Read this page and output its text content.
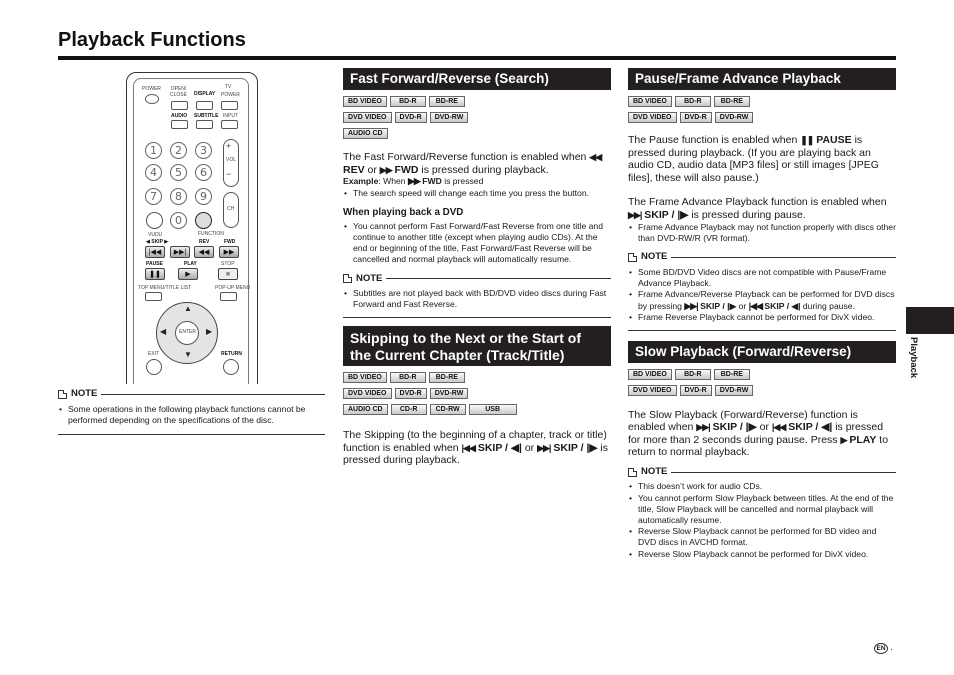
Playback Functions
POWER OPEN/
CLOSE DISPLAY
TV
POWER
AUDIO SUBTITLE INPUT
1	2	3
4	5	6
7	8	9
0
+
VOL
−
CH
VUDU	FUNCTION
◀ SKIP ▶	REV	FWD
|◀◀	▶▶|	◀◀	▶▶
PAUSE	PLAY	STOP
❚❚	▶	■
TOP MENU/TITLE LIST	POP-UP MENU
▲
▼
◀	▶
ENTER
EXIT	RETURN
NOTE
• Some operations in the following playback functions cannot be performed depending on the specifications of the disc.
Fast Forward/Reverse (Search)
BD VIDEO	BD-R	BD-RE
DVD VIDEO	DVD-R	DVD-RW
AUDIO CD

The Fast Forward/Reverse function is enabled when ◀◀ REV or ▶▶ FWD is pressed during playback.

Example: When ▶▶ FWD is pressed
• The search speed will change each time you press the button.
When playing back a DVD
• You cannot perform Fast Forward/Fast Reverse from one title and continue to another title (except when playing audio CDs). At the end or beginning of the title, Fast Forward/Fast Reverse will be cancelled and normal playback will automatically resume.
NOTE
• Subtitles are not played back with BD/DVD video discs during Fast Forward and Fast Reverse.
Skipping to the Next or the Start of the Current Chapter (Track/Title)
BD VIDEO	BD-R	BD-RE
DVD VIDEO	DVD-R	DVD-RW
AUDIO CD	CD-R	CD-RW	USB

The Skipping (to the beginning of a chapter, track or title) function is enabled when |◀◀ SKIP / ◀| or ▶▶| SKIP / |▶ is pressed during playback.

Pause/Frame Advance Playback
BD VIDEO	BD-R	BD-RE
DVD VIDEO	DVD-R	DVD-RW

The Pause function is enabled when ❚❚ PAUSE is pressed during playback. (If you are playing back an audio CD, audio data [MP3 files] or still images [JPEG files], these will also pause.)

The Frame Advance Playback function is enabled when ▶▶| SKIP / |▶ is pressed during pause.

• Frame Advance Playback may not function properly with discs other than DVD-RW/R (VR format).
NOTE
• Some BD/DVD Video discs are not compatible with Pause/Frame Advance Playback.
• Frame Advance/Reverse Playback can be performed for DVD discs by pressing ▶▶| SKIP / |▶ or |◀◀ SKIP / ◀| during pause.
• Frame Reverse Playback cannot be performed for DivX video.
Slow Playback (Forward/Reverse)
BD VIDEO	BD-R	BD-RE
DVD VIDEO	DVD-R	DVD-RW

The Slow Playback (Forward/Reverse) function is enabled when ▶▶| SKIP / |▶ or |◀◀ SKIP / ◀| is pressed for more than 2 seconds during pause. Press ▶ PLAY to return to normal playback.

NOTE
• This doesn’t work for audio CDs.
• You cannot perform Slow Playback between titles. At the end of the title, Slow Playback will be cancelled and normal playback will automatically resume.
• Reverse Slow Playback cannot be performed for BD video and DVD discs in AVCHD format.
• Reverse Slow Playback cannot be performed for DivX video.
Playback
EN ·
